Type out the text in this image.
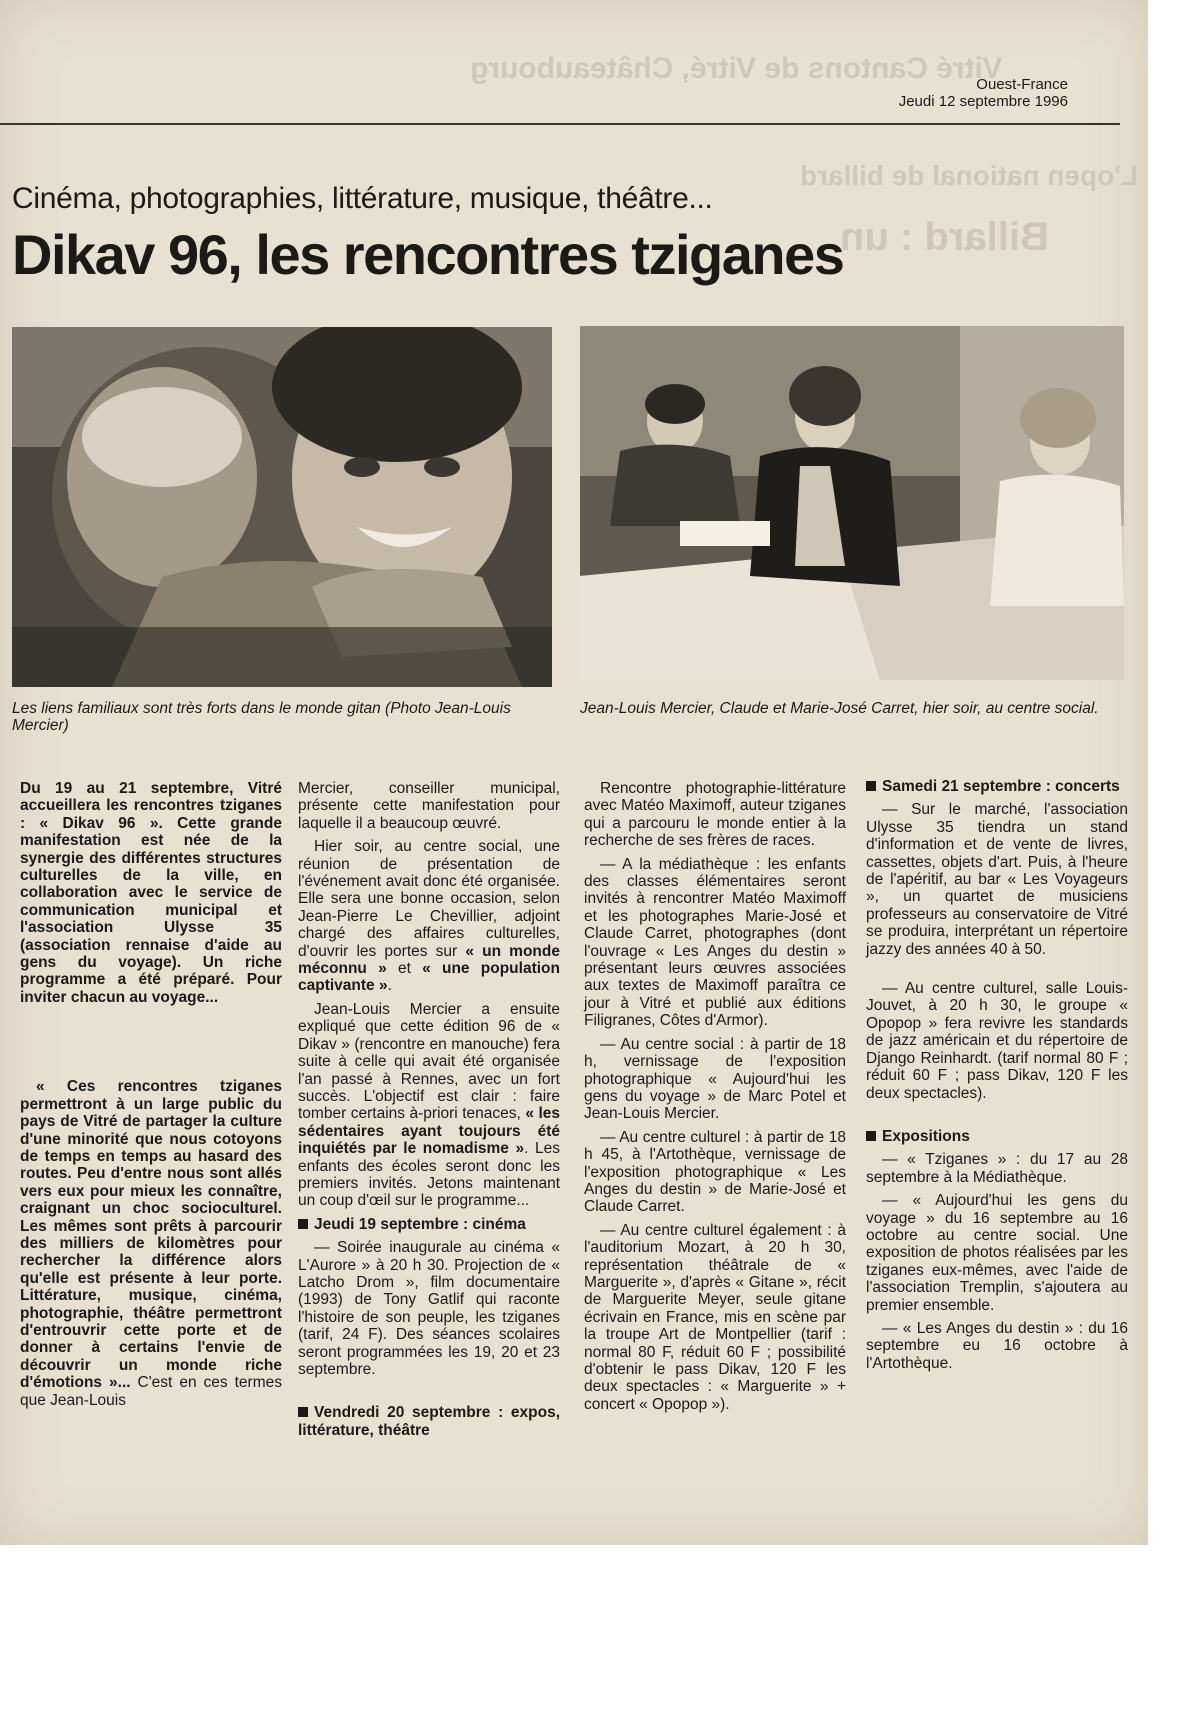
Vitré Cantons de Vitré, Châteaubourg
L'open national de billard
Billard : un
Ouest-France
Jeudi 12 septembre 1996
Cinéma, photographies, littérature, musique, théâtre...
Dikav 96, les rencontres tziganes
Les liens familiaux sont très forts dans le monde gitan (Photo Jean-Louis Mercier)
Jean-Louis Mercier, Claude et Marie-José Carret, hier soir, au centre social.

Du 19 au 21 septembre, Vitré accueillera les rencontres tziganes : « Dikav 96 ». Cette grande manifestation est née de la synergie des différentes structures culturelles de la ville, en collaboration avec le service de communication municipal et l'association Ulysse 35 (association rennaise d'aide au gens du voyage). Un riche programme a été préparé. Pour inviter chacun au voyage...

« Ces rencontres tziganes permettront à un large public du pays de Vitré de partager la culture d'une minorité que nous cotoyons de temps en temps au hasard des routes. Peu d'entre nous sont allés vers eux pour mieux les connaître, craignant un choc socioculturel. Les mêmes sont prêts à parcourir des milliers de kilomètres pour rechercher la différence alors qu'elle est présente à leur porte. Littérature, musique, cinéma, photographie, théâtre permettront d'entrouvrir cette porte et de donner à certains l'envie de découvrir un monde riche d'émotions »... C'est en ces termes que Jean-Louis

Mercier, conseiller municipal, présente cette manifestation pour laquelle il a beaucoup œuvré.

Hier soir, au centre social, une réunion de présentation de l'événement avait donc été organisée. Elle sera une bonne occasion, selon Jean-Pierre Le Chevillier, adjoint chargé des affaires culturelles, d'ouvrir les portes sur « un monde méconnu » et « une population captivante ».

Jean-Louis Mercier a ensuite expliqué que cette édition 96 de « Dikav » (rencontre en manouche) fera suite à celle qui avait été organisée l'an passé à Rennes, avec un fort succès. L'objectif est clair : faire tomber certains à-priori tenaces, « les sédentaires ayant toujours été inquiétés par le nomadisme ». Les enfants des écoles seront donc les premiers invités. Jetons maintenant un coup d'œil sur le programme...

Jeudi 19 septembre : cinéma

— Soirée inaugurale au cinéma « L'Aurore » à 20 h 30. Projection de « Latcho Drom », film documentaire (1993) de Tony Gatlif qui raconte l'histoire de son peuple, les tziganes (tarif, 24 F). Des séances scolaires seront programmées les 19, 20 et 23 septembre.

Vendredi 20 septembre : expos, littérature, théâtre

Rencontre photographie-littérature avec Matéo Maximoff, auteur tziganes qui a parcouru le monde entier à la recherche de ses frères de races.

— A la médiathèque : les enfants des classes élémentaires seront invités à rencontrer Matéo Maximoff et les photographes Marie-José et Claude Carret, photographes (dont l'ouvrage « Les Anges du destin » présentant leurs œuvres associées aux textes de Maximoff paraîtra ce jour à Vitré et publié aux éditions Filigranes, Côtes d'Armor).

— Au centre social : à partir de 18 h, vernissage de l'exposition photographique « Aujourd'hui les gens du voyage » de Marc Potel et Jean-Louis Mercier.

— Au centre culturel : à partir de 18 h 45, à l'Artothèque, vernissage de l'exposition photographique « Les Anges du destin » de Marie-José et Claude Carret.

— Au centre culturel également : à l'auditorium Mozart, à 20 h 30, représentation théâtrale de « Marguerite », d'après « Gitane », récit de Marguerite Meyer, seule gitane écrivain en France, mis en scène par la troupe Art de Montpellier (tarif : normal 80 F, réduit 60 F ; possibilité d'obtenir le pass Dikav, 120 F les deux spectacles : « Marguerite » + concert « Opopop »).

Samedi 21 septembre : concerts

— Sur le marché, l'association Ulysse 35 tiendra un stand d'information et de vente de livres, cassettes, objets d'art. Puis, à l'heure de l'apéritif, au bar « Les Voyageurs », un quartet de musiciens professeurs au conservatoire de Vitré se produira, interprétant un répertoire jazzy des années 40 à 50.

— Au centre culturel, salle Louis-Jouvet, à 20 h 30, le groupe « Opopop » fera revivre les standards de jazz américain et du répertoire de Django Reinhardt. (tarif normal 80 F ; réduit 60 F ; pass Dikav, 120 F les deux spectacles).

Expositions

— « Tziganes » : du 17 au 28 septembre à la Médiathèque.

— « Aujourd'hui les gens du voyage » du 16 septembre au 16 octobre au centre social. Une exposition de photos réalisées par les tziganes eux-mêmes, avec l'aide de l'association Tremplin, s'ajoutera au premier ensemble.

— « Les Anges du destin » : du 16 septembre eu 16 octobre à l'Artothèque.
